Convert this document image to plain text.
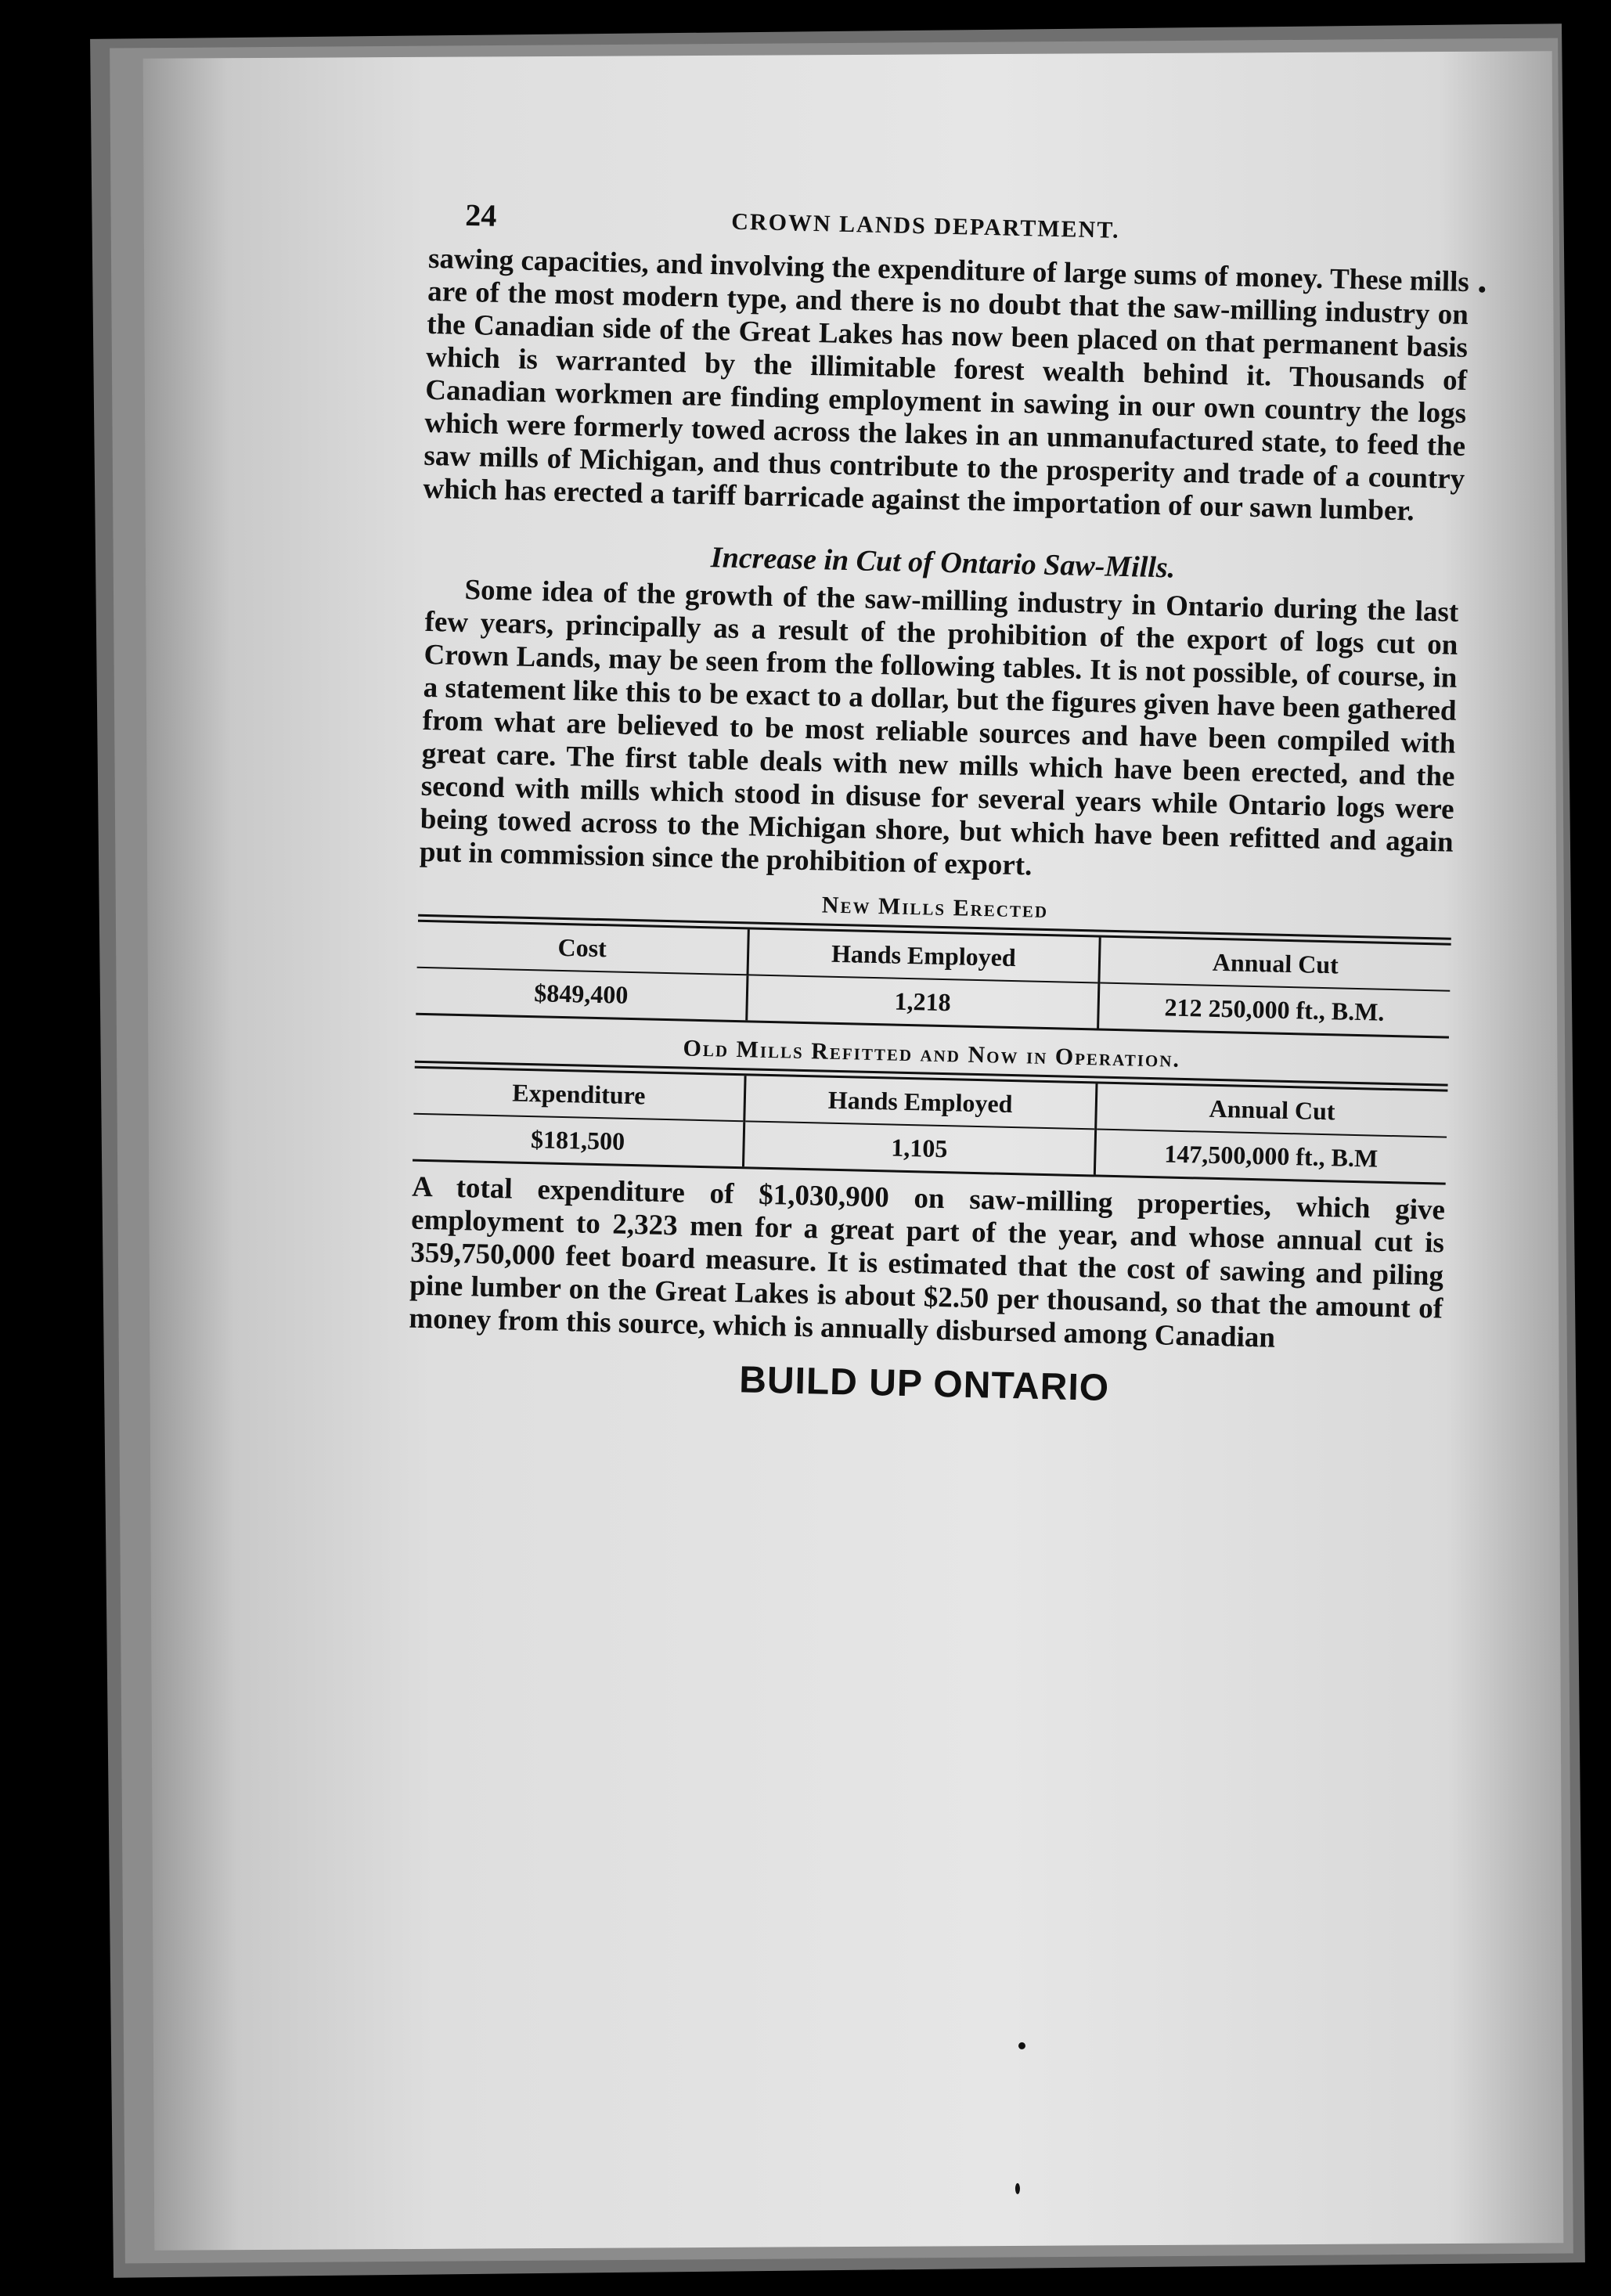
24	CROWN LANDS DEPARTMENT.

sawing capacities, and involving the expenditure of large sums of money. These mills are of the most modern type, and there is no doubt that the saw-milling industry on the Canadian side of the Great Lakes has now been placed on that permanent basis which is warranted by the illimitable forest wealth behind it. Thousands of Canadian workmen are finding employment in sawing in our own country the logs which were formerly towed across the lakes in an unmanufactured state, to feed the saw mills of Michigan, and thus contribute to the prosperity and trade of a country which has erected a tariff barricade against the importation of our sawn lumber.

Increase in Cut of Ontario Saw-Mills.

Some idea of the growth of the saw-milling industry in Ontario during the last few years, principally as a result of the prohibition of the export of logs cut on Crown Lands, may be seen from the following tables. It is not possible, of course, in a statement like this to be exact to a dollar, but the figures given have been gathered from what are believed to be most reliable sources and have been compiled with great care. The first table deals with new mills which have been erected, and the second with mills which stood in disuse for several years while Ontario logs were being towed across to the Michigan shore, but which have been refitted and again put in commission since the prohibition of export.

New Mills Erected
Cost	Hands Employed	Annual Cut
$849,400	1,218	212 250,000 ft., B.M.
Old Mills Refitted and Now in Operation.
Expenditure	Hands Employed	Annual Cut
$181,500	1,105	147,500,000 ft., B.M

A total expenditure of $1,030,900 on saw-milling properties, which give employment to 2,323 men for a great part of the year, and whose annual cut is 359,750,000 feet board measure. It is estimated that the cost of sawing and piling pine lumber on the Great Lakes is about $2.50 per thousand, so that the amount of money from this source, which is annually disbursed among Canadian

BUILD UP ONTARIO
